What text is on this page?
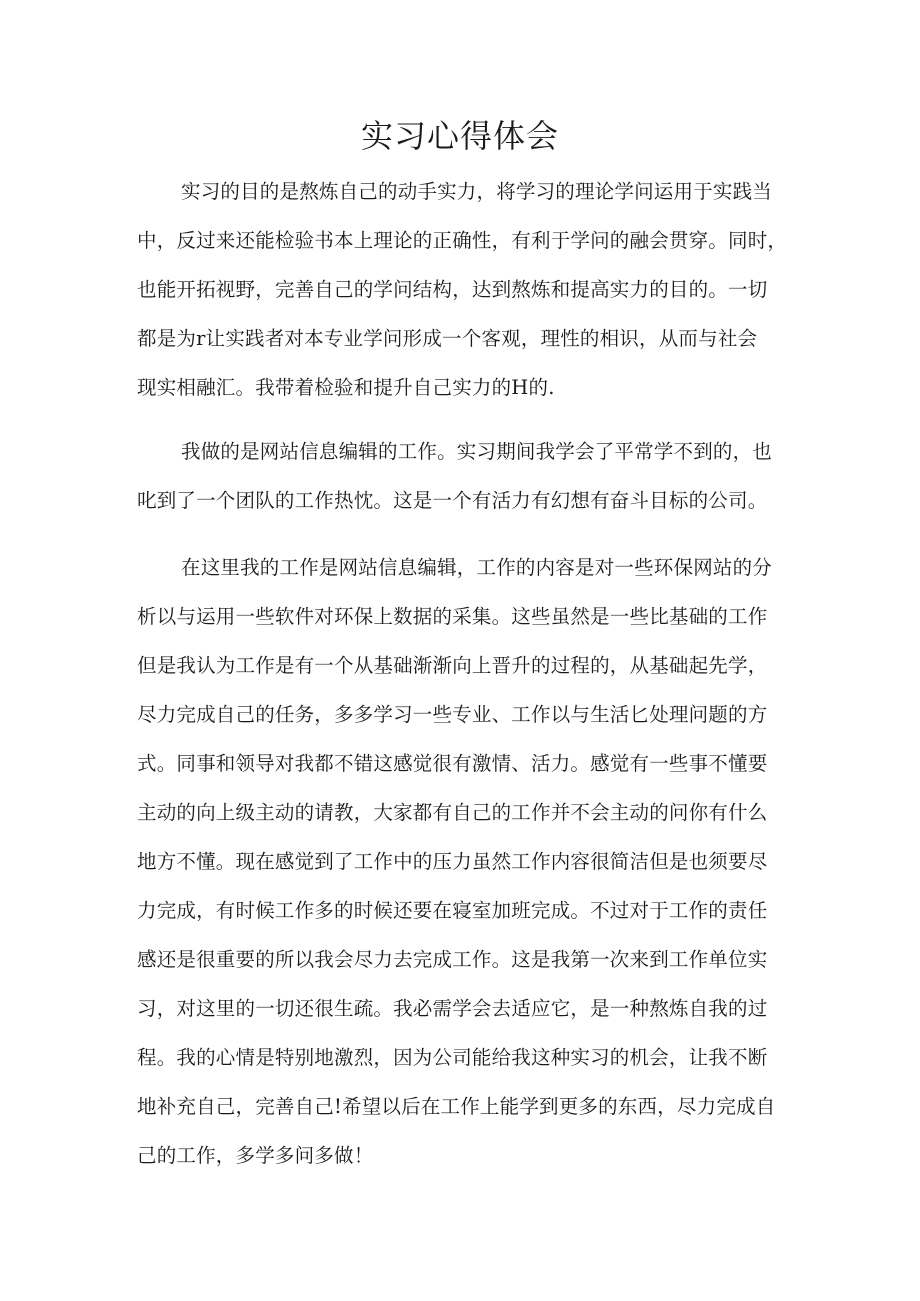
实习心得体会
实习的目的是熬炼自己的动手实力，将学习的理论学问运用于实践当
中，反过来还能检验书本上理论的正确性，有利于学问的融会贯穿。同时，
也能开拓视野，完善自己的学问结构，达到熬炼和提高实力的目的。一切
都是为r让实践者对本专业学问形成一个客观，理性的相识，从而与社会
现实相融汇。我带着检验和提升自己实力的H的.
我做的是网站信息编辑的工作。实习期间我学会了平常学不到的，也
叱到了一个团队的工作热忱。这是一个有活力有幻想有奋斗目标的公司。
在这里我的工作是网站信息编辑，工作的内容是对一些环保网站的分
析以与运用一些软件对环保上数据的采集。这些虽然是一些比基础的工作
但是我认为工作是有一个从基础渐渐向上晋升的过程的，从基础起先学，
尽力完成自己的任务，多多学习一些专业、工作以与生活匕处理问题的方
式。同事和领导对我都不错这感觉很有激情、活力。感觉有一些事不懂要
主动的向上级主动的请教，大家都有自己的工作并不会主动的问你有什么
地方不懂。现在感觉到了工作中的压力虽然工作内容很简洁但是也须要尽
力完成，有时候工作多的时候还要在寝室加班完成。不过对于工作的责任
感还是很重要的所以我会尽力去完成工作。这是我第一次来到工作单位实
习，对这里的一切还很生疏。我必需学会去适应它，是一种熬炼自我的过
程。我的心情是特别地激烈，因为公司能给我这种实习的机会，让我不断
地补充自己，完善自己!希望以后在工作上能学到更多的东西，尽力完成自
己的工作，多学多问多做！
